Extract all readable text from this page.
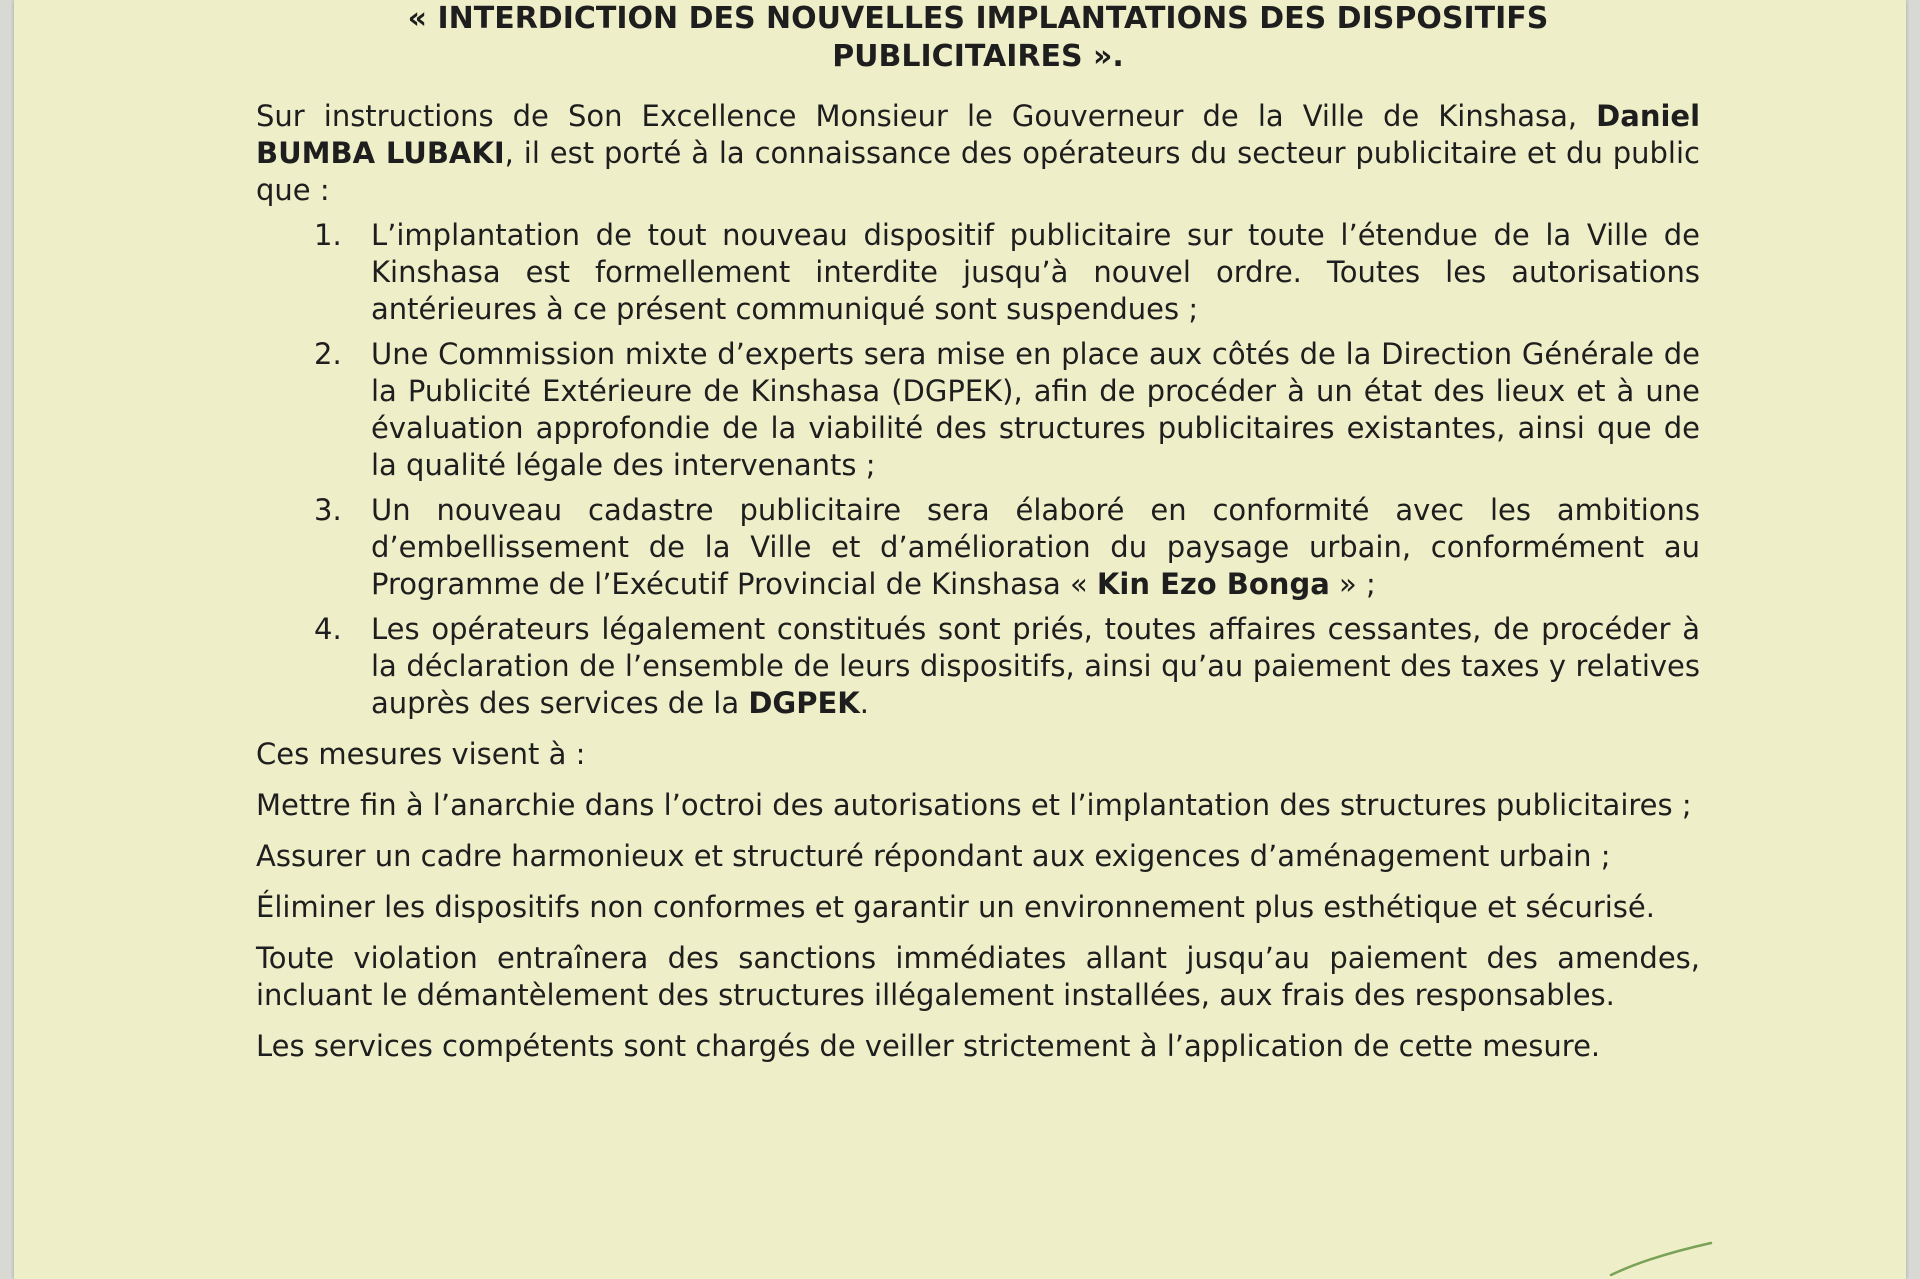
« INTERDICTION DES NOUVELLES IMPLANTATIONS DES DISPOSITIFS
PUBLICITAIRES ».

Sur instructions de Son Excellence Monsieur le Gouverneur de la Ville de Kinshasa, Daniel BUMBA LUBAKI, il est porté à la connaissance des opérateurs du secteur publicitaire et du public que :

1. L’implantation de tout nouveau dispositif publicitaire sur toute l’étendue de la Ville de Kinshasa est formellement interdite jusqu’à nouvel ordre. Toutes les autorisations antérieures à ce présent communiqué sont suspendues ;
2. Une Commission mixte d’experts sera mise en place aux côtés de la Direction Générale de la Publicité Extérieure de Kinshasa (DGPEK), afin de procéder à un état des lieux et à une évaluation approfondie de la viabilité des structures publicitaires existantes, ainsi que de la qualité légale des intervenants ;
3. Un nouveau cadastre publicitaire sera élaboré en conformité avec les ambitions d’embellissement de la Ville et d’amélioration du paysage urbain, conformément au Programme de l’Exécutif Provincial de Kinshasa « Kin Ezo Bonga » ;
4. Les opérateurs légalement constitués sont priés, toutes affaires cessantes, de procéder à la déclaration de l’ensemble de leurs dispositifs, ainsi qu’au paiement des taxes y relatives auprès des services de la DGPEK.

Ces mesures visent à :

Mettre fin à l’anarchie dans l’octroi des autorisations et l’implantation des structures publicitaires ;

Assurer un cadre harmonieux et structuré répondant aux exigences d’aménagement urbain ;

Éliminer les dispositifs non conformes et garantir un environnement plus esthétique et sécurisé.

Toute violation entraînera des sanctions immédiates allant jusqu’au paiement des amendes, incluant le démantèlement des structures illégalement installées, aux frais des responsables.

Les services compétents sont chargés de veiller strictement à l’application de cette mesure.
